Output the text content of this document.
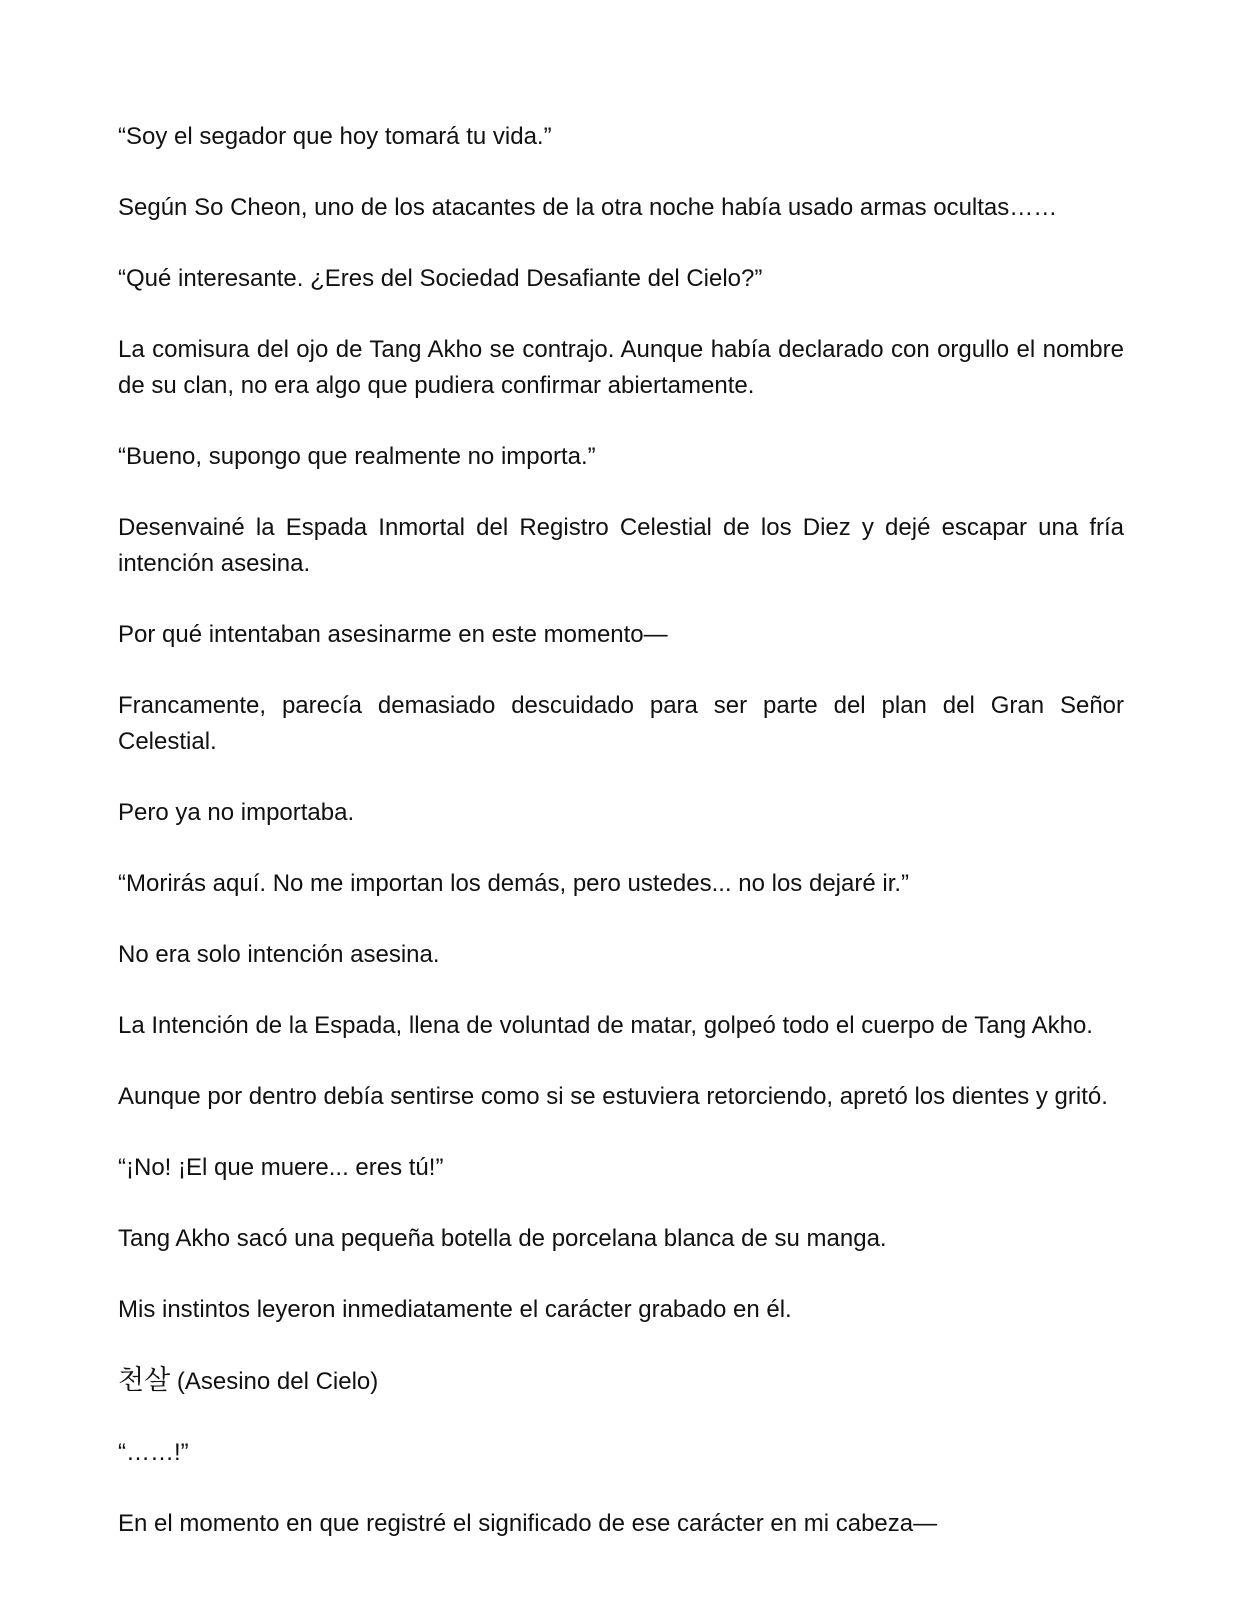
“Soy el segador que hoy tomará tu vida.”

Según So Cheon, uno de los atacantes de la otra noche había usado armas ocultas……

“Qué interesante. ¿Eres del Sociedad Desafiante del Cielo?”

La comisura del ojo de Tang Akho se contrajo. Aunque había declarado con orgullo el nombre de su clan, no era algo que pudiera confirmar abiertamente.

“Bueno, supongo que realmente no importa.”

Desenvainé la Espada Inmortal del Registro Celestial de los Diez y dejé escapar una fría intención asesina.

Por qué intentaban asesinarme en este momento—

Francamente, parecía demasiado descuidado para ser parte del plan del Gran Señor Celestial.

Pero ya no importaba.

“Morirás aquí. No me importan los demás, pero ustedes... no los dejaré ir.”

No era solo intención asesina.

La Intención de la Espada, llena de voluntad de matar, golpeó todo el cuerpo de Tang Akho.

Aunque por dentro debía sentirse como si se estuviera retorciendo, apretó los dientes y gritó.

“¡No! ¡El que muere... eres tú!”

Tang Akho sacó una pequeña botella de porcelana blanca de su manga.

Mis instintos leyeron inmediatamente el carácter grabado en él.

천살 (Asesino del Cielo)

“……!”

En el momento en que registré el significado de ese carácter en mi cabeza—
